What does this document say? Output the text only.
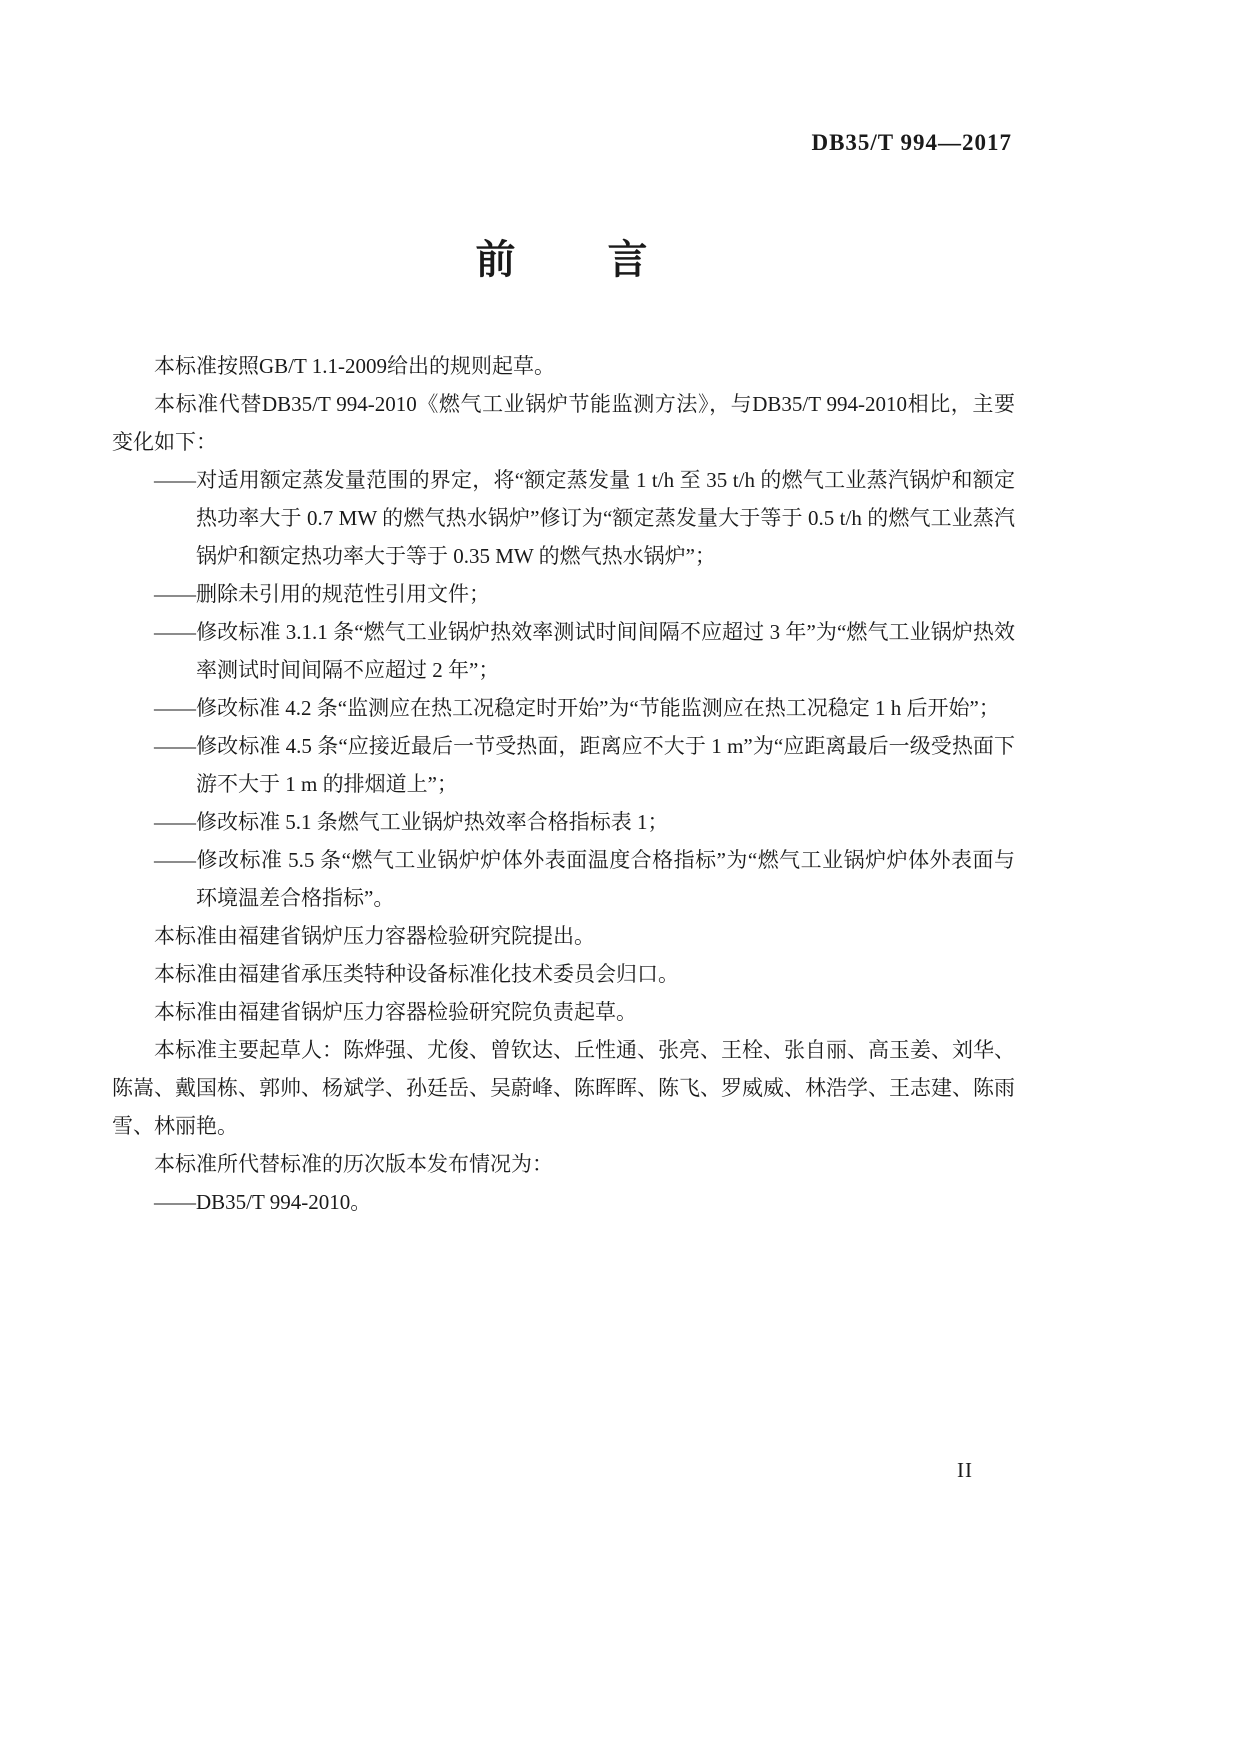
DB35/T 994—2017
前　　言

本标准按照GB/T 1.1-2009给出的规则起草。

本标准代替DB35/T 994-2010《燃气工业锅炉节能监测方法》，与DB35/T 994-2010相比，主要变化如下：

——对适用额定蒸发量范围的界定，将“额定蒸发量 1 t/h 至 35 t/h 的燃气工业蒸汽锅炉和额定热功率大于 0.7 MW 的燃气热水锅炉”修订为“额定蒸发量大于等于 0.5 t/h 的燃气工业蒸汽锅炉和额定热功率大于等于 0.35 MW 的燃气热水锅炉”；

——删除未引用的规范性引用文件；

——修改标准 3.1.1 条“燃气工业锅炉热效率测试时间间隔不应超过 3 年”为“燃气工业锅炉热效率测试时间间隔不应超过 2 年”；

——修改标准 4.2 条“监测应在热工况稳定时开始”为“节能监测应在热工况稳定 1 h 后开始”；

——修改标准 4.5 条“应接近最后一节受热面，距离应不大于 1 m”为“应距离最后一级受热面下游不大于 1 m 的排烟道上”；

——修改标准 5.1 条燃气工业锅炉热效率合格指标表 1；

——修改标准 5.5 条“燃气工业锅炉炉体外表面温度合格指标”为“燃气工业锅炉炉体外表面与环境温差合格指标”。

本标准由福建省锅炉压力容器检验研究院提出。

本标准由福建省承压类特种设备标准化技术委员会归口。

本标准由福建省锅炉压力容器检验研究院负责起草。

本标准主要起草人：陈烨强、尤俊、曾钦达、丘性通、张亮、王栓、张自丽、高玉姜、刘华、陈嵩、戴国栋、郭帅、杨斌学、孙廷岳、吴蔚峰、陈晖晖、陈飞、罗威威、林浩学、王志建、陈雨雪、林丽艳。

本标准所代替标准的历次版本发布情况为：

——DB35/T 994-2010。

II
